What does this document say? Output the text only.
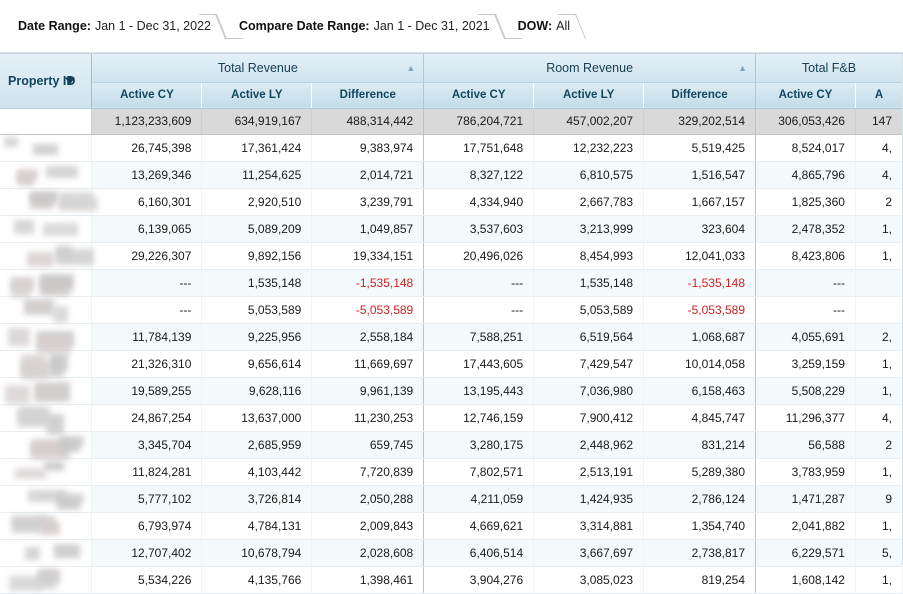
Date Range: Jan 1 - Dec 31, 2022 Compare Date Range: Jan 1 - Dec 31, 2021 DOW: All
Property ID	Total Revenue ▲			Room Revenue ▲			Total F&B	
	Active CY	Active LY	Difference	Active CY	Active LY	Difference	Active CY	A
	1,123,233,609	634,919,167	488,314,442	786,204,721	457,002,207	329,202,514	306,053,426	147

	26,745,398	17,361,424	9,383,974	17,751,648	12,232,223	5,519,425	8,524,017	4,

	13,269,346	11,254,625	2,014,721	8,327,122	6,810,575	1,516,547	4,865,796	4,

	6,160,301	2,920,510	3,239,791	4,334,940	2,667,783	1,667,157	1,825,360	2

	6,139,065	5,089,209	1,049,857	3,537,603	3,213,999	323,604	2,478,352	1,

	29,226,307	9,892,156	19,334,151	20,496,026	8,454,993	12,041,033	8,423,806	1,

	---	1,535,148	-1,535,148	---	1,535,148	-1,535,148	---	

	---	5,053,589	-5,053,589	---	5,053,589	-5,053,589	---	

	11,784,139	9,225,956	2,558,184	7,588,251	6,519,564	1,068,687	4,055,691	2,

	21,326,310	9,656,614	11,669,697	17,443,605	7,429,547	10,014,058	3,259,159	1,

	19,589,255	9,628,116	9,961,139	13,195,443	7,036,980	6,158,463	5,508,229	1,

	24,867,254	13,637,000	11,230,253	12,746,159	7,900,412	4,845,747	11,296,377	4,

	3,345,704	2,685,959	659,745	3,280,175	2,448,962	831,214	56,588	2

	11,824,281	4,103,442	7,720,839	7,802,571	2,513,191	5,289,380	3,783,959	1,

	5,777,102	3,726,814	2,050,288	4,211,059	1,424,935	2,786,124	1,471,287	9

	6,793,974	4,784,131	2,009,843	4,669,621	3,314,881	1,354,740	2,041,882	1,

	12,707,402	10,678,794	2,028,608	6,406,514	3,667,697	2,738,817	6,229,571	5,

	5,534,226	4,135,766	1,398,461	3,904,276	3,085,023	819,254	1,608,142	1,
